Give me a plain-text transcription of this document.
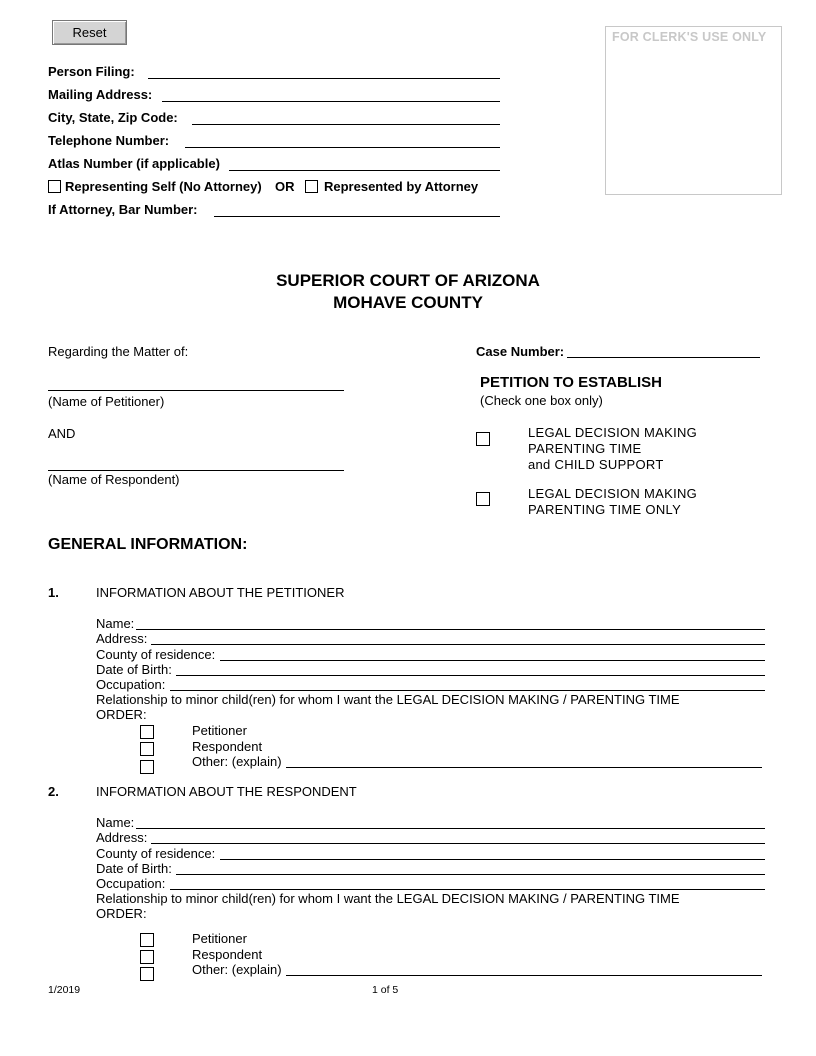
Reset	FOR CLERK'S USE ONLY
Person Filing:
Mailing Address:
City, State, Zip Code:
Telephone Number:
Atlas Number (if applicable)
Representing Self (No Attorney) OR Represented by Attorney
If Attorney, Bar Number:
SUPERIOR COURT OF ARIZONA
MOHAVE COUNTY
Regarding the Matter of:
(Name of Petitioner)
AND
(Name of Respondent)
Case Number:
PETITION TO ESTABLISH
(Check one box only)
LEGAL DECISION MAKING
PARENTING TIME
and CHILD SUPPORT
LEGAL DECISION MAKING
PARENTING TIME ONLY
GENERAL INFORMATION:
1.	INFORMATION ABOUT THE PETITIONER
Name:
Address:
County of residence:
Date of Birth:
Occupation:
Relationship to minor child(ren) for whom I want the LEGAL DECISION MAKING / PARENTING TIME
ORDER:
Petitioner
Respondent
Other: (explain)
2.	INFORMATION ABOUT THE RESPONDENT
Name:
Address:
County of residence:
Date of Birth:
Occupation:
Relationship to minor child(ren) for whom I want the LEGAL DECISION MAKING / PARENTING TIME
ORDER:
Petitioner
Respondent
Other: (explain)
1/2019	1 of 5
